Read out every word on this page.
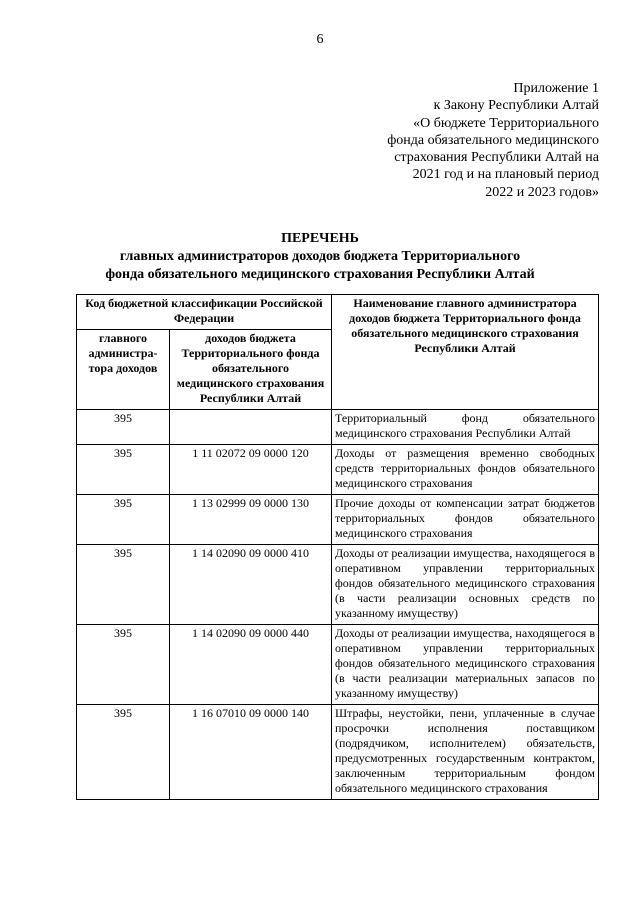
6
Приложение 1
к Закону Республики Алтай
«О бюджете Территориального
фонда обязательного медицинского
страхования Республики Алтай на
2021 год и на плановый период
2022 и 2023 годов»
ПЕРЕЧЕНЬ
главных администраторов доходов бюджета Территориального
фонда обязательного медицинского страхования Республики Алтай
Код бюджетной классификации Российской Федерации		Наименование главного администратора доходов бюджета Территориального фонда обязательного медицинского страхования Республики Алтай
главного администра-тора доходов	доходов бюджета Территориального фонда обязательного медицинского страхования Республики Алтай	
395		Территориальный фонд обязательного медицинского страхования Республики Алтай
395	1 11 02072 09 0000 120	Доходы от размещения временно свободных средств территориальных фондов обязательного медицинского страхования
395	1 13 02999 09 0000 130	Прочие доходы от компенсации затрат бюджетов территориальных фондов обязательного медицинского страхования
395	1 14 02090 09 0000 410	Доходы от реализации имущества, находящегося в оперативном управлении территориальных фондов обязательного медицинского страхования (в части реализации основных средств по указанному имуществу)
395	1 14 02090 09 0000 440	Доходы от реализации имущества, находящегося в оперативном управлении территориальных фондов обязательного медицинского страхования (в части реализации материальных запасов по указанному имуществу)
395	1 16 07010 09 0000 140	Штрафы, неустойки, пени, уплаченные в случае просрочки исполнения поставщиком (подрядчиком, исполнителем) обязательств, предусмотренных государственным контрактом, заключенным территориальным фондом обязательного медицинского страхования
